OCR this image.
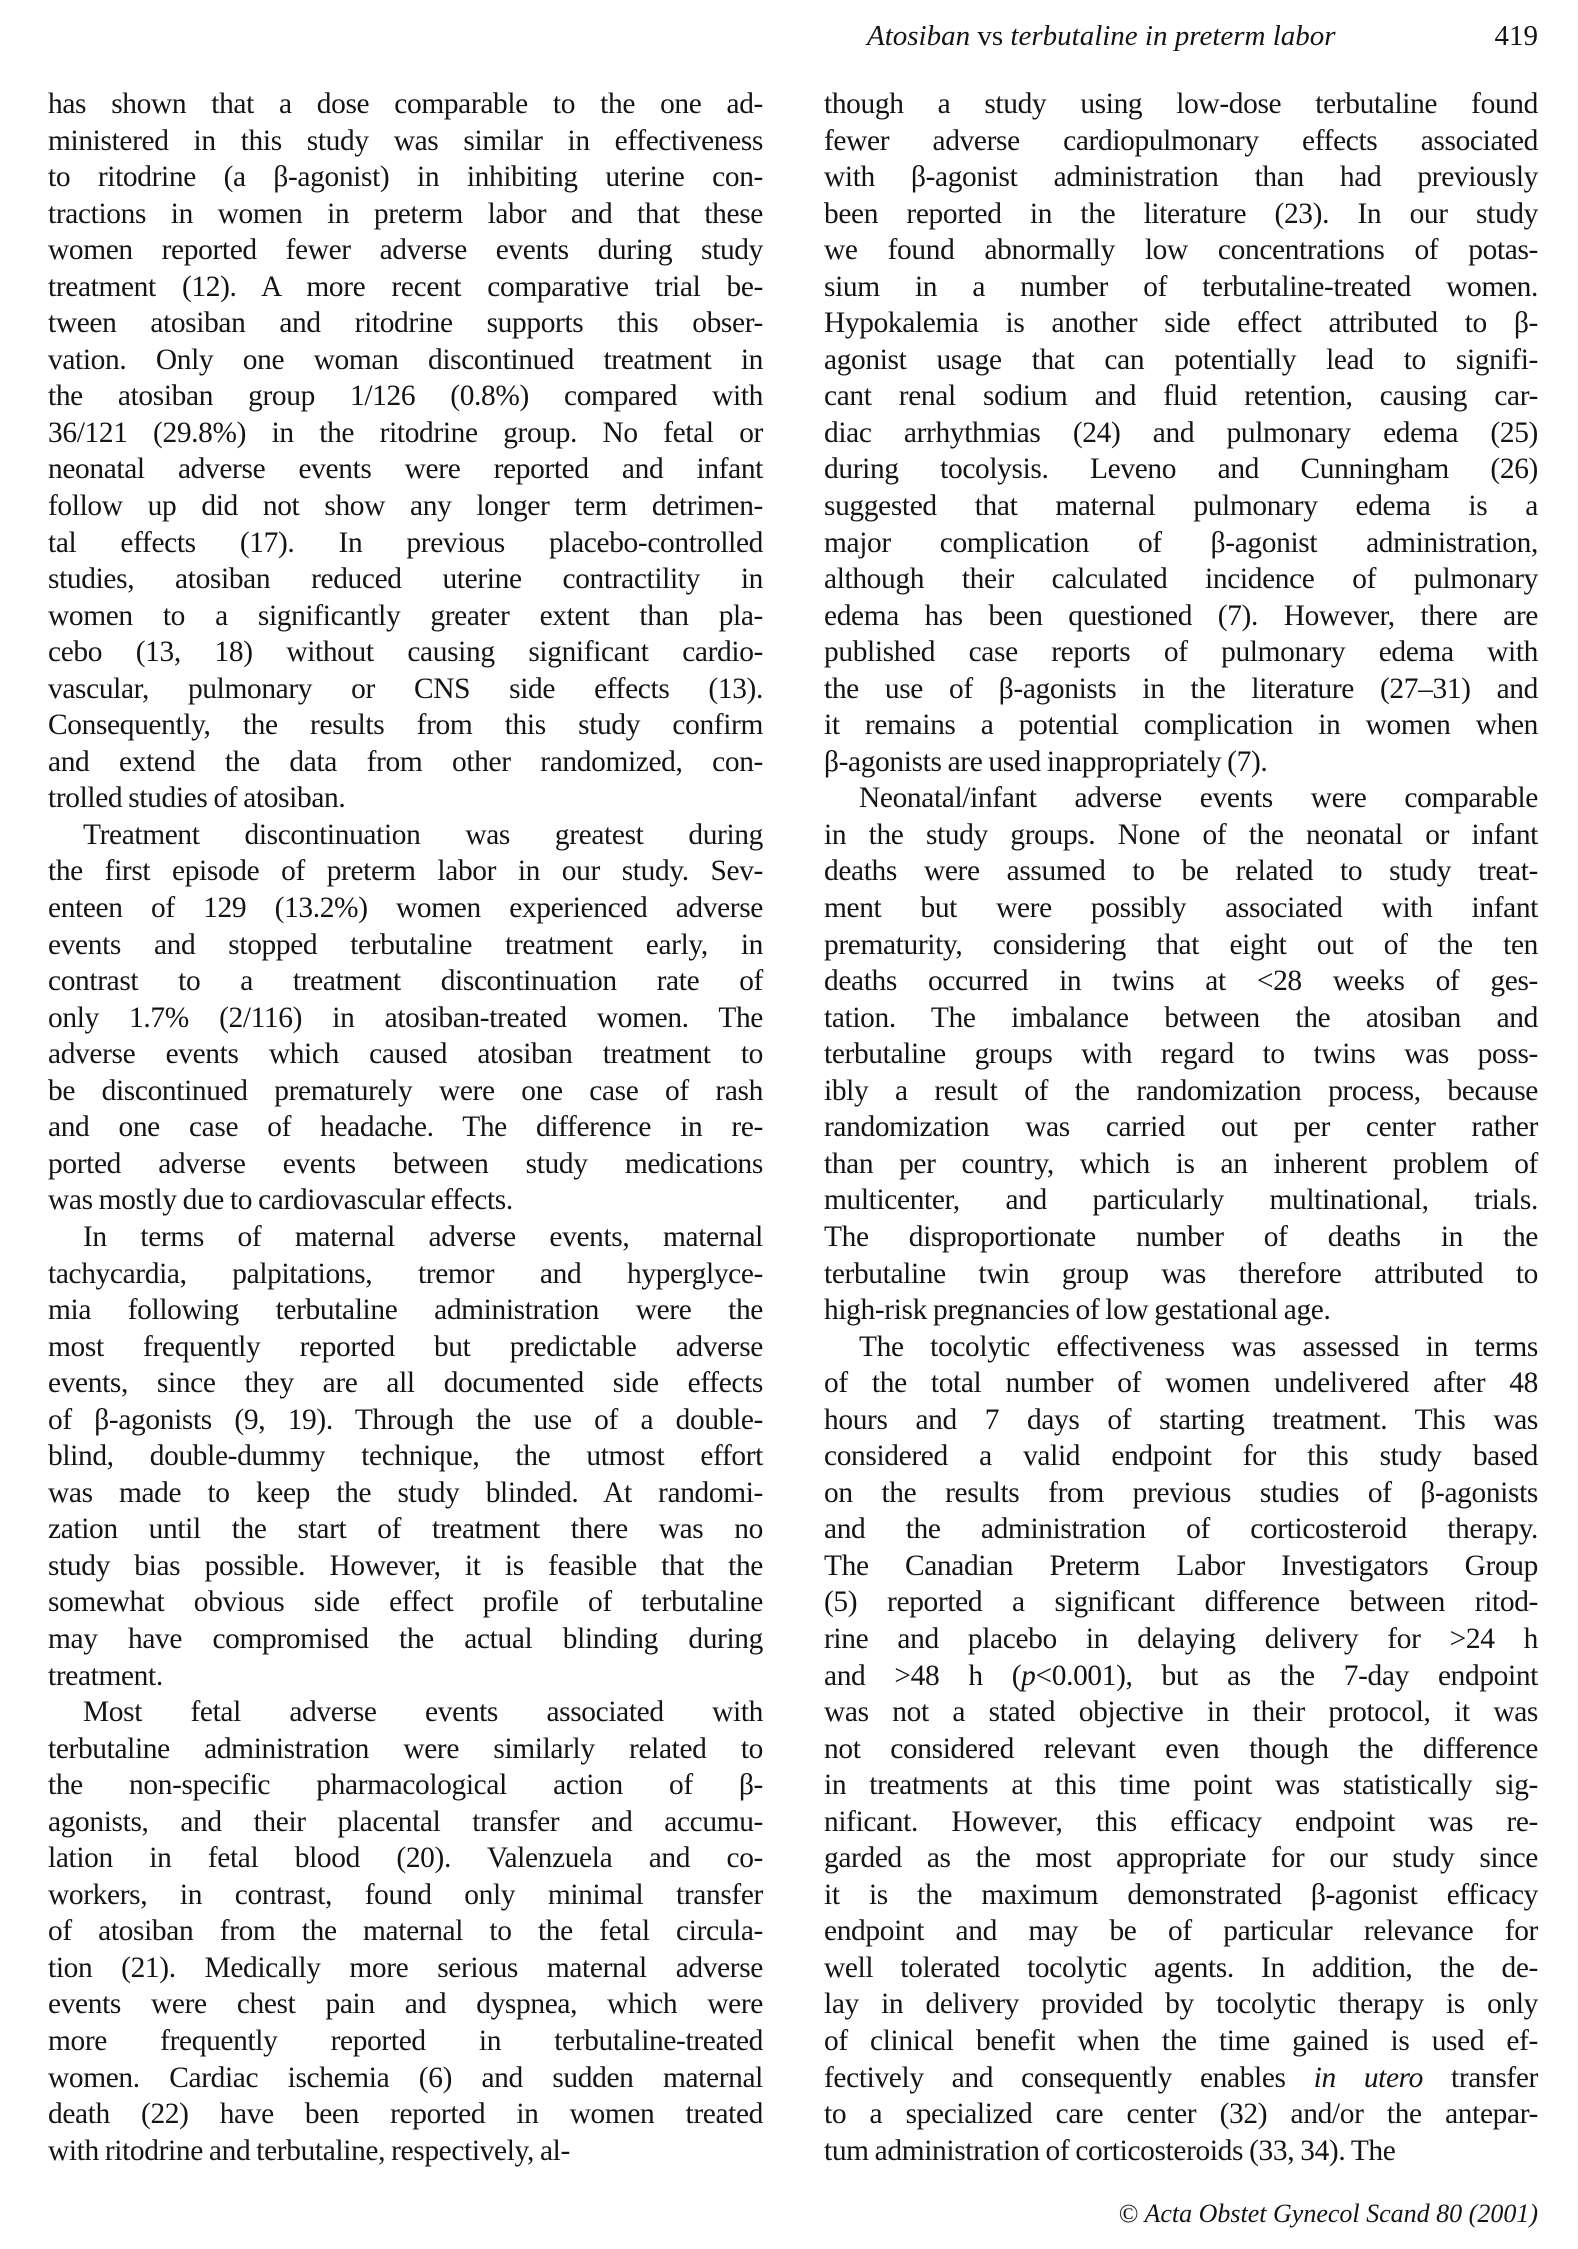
Atosiban vs terbutaline in preterm labor	419
has shown that a dose comparable to the one ad-
ministered in this study was similar in effectiveness
to ritodrine (a β-agonist) in inhibiting uterine con-
tractions in women in preterm labor and that these
women reported fewer adverse events during study
treatment (12). A more recent comparative trial be-
tween atosiban and ritodrine supports this obser-
vation. Only one woman discontinued treatment in
the atosiban group 1/126 (0.8%) compared with
36/121 (29.8%) in the ritodrine group. No fetal or
neonatal adverse events were reported and infant
follow up did not show any longer term detrimen-
tal effects (17). In previous placebo-controlled
studies, atosiban reduced uterine contractility in
women to a significantly greater extent than pla-
cebo (13, 18) without causing significant cardio-
vascular, pulmonary or CNS side effects (13).
Consequently, the results from this study confirm
and extend the data from other randomized, con-
trolled studies of atosiban.
Treatment discontinuation was greatest during
the first episode of preterm labor in our study. Sev-
enteen of 129 (13.2%) women experienced adverse
events and stopped terbutaline treatment early, in
contrast to a treatment discontinuation rate of
only 1.7% (2/116) in atosiban-treated women. The
adverse events which caused atosiban treatment to
be discontinued prematurely were one case of rash
and one case of headache. The difference in re-
ported adverse events between study medications
was mostly due to cardiovascular effects.
In terms of maternal adverse events, maternal
tachycardia, palpitations, tremor and hyperglyce-
mia following terbutaline administration were the
most frequently reported but predictable adverse
events, since they are all documented side effects
of β-agonists (9, 19). Through the use of a double-
blind, double-dummy technique, the utmost effort
was made to keep the study blinded. At randomi-
zation until the start of treatment there was no
study bias possible. However, it is feasible that the
somewhat obvious side effect profile of terbutaline
may have compromised the actual blinding during
treatment.
Most fetal adverse events associated with
terbutaline administration were similarly related to
the non-specific pharmacological action of β-
agonists, and their placental transfer and accumu-
lation in fetal blood (20). Valenzuela and co-
workers, in contrast, found only minimal transfer
of atosiban from the maternal to the fetal circula-
tion (21). Medically more serious maternal adverse
events were chest pain and dyspnea, which were
more frequently reported in terbutaline-treated
women. Cardiac ischemia (6) and sudden maternal
death (22) have been reported in women treated
with ritodrine and terbutaline, respectively, al-
though a study using low-dose terbutaline found
fewer adverse cardiopulmonary effects associated
with β-agonist administration than had previously
been reported in the literature (23). In our study
we found abnormally low concentrations of potas-
sium in a number of terbutaline-treated women.
Hypokalemia is another side effect attributed to β-
agonist usage that can potentially lead to signifi-
cant renal sodium and fluid retention, causing car-
diac arrhythmias (24) and pulmonary edema (25)
during tocolysis. Leveno and Cunningham (26)
suggested that maternal pulmonary edema is a
major complication of β-agonist administration,
although their calculated incidence of pulmonary
edema has been questioned (7). However, there are
published case reports of pulmonary edema with
the use of β-agonists in the literature (27–31) and
it remains a potential complication in women when
β-agonists are used inappropriately (7).
Neonatal/infant adverse events were comparable
in the study groups. None of the neonatal or infant
deaths were assumed to be related to study treat-
ment but were possibly associated with infant
prematurity, considering that eight out of the ten
deaths occurred in twins at <28 weeks of ges-
tation. The imbalance between the atosiban and
terbutaline groups with regard to twins was poss-
ibly a result of the randomization process, because
randomization was carried out per center rather
than per country, which is an inherent problem of
multicenter, and particularly multinational, trials.
The disproportionate number of deaths in the
terbutaline twin group was therefore attributed to
high-risk pregnancies of low gestational age.
The tocolytic effectiveness was assessed in terms
of the total number of women undelivered after 48
hours and 7 days of starting treatment. This was
considered a valid endpoint for this study based
on the results from previous studies of β-agonists
and the administration of corticosteroid therapy.
The Canadian Preterm Labor Investigators Group
(5) reported a significant difference between ritod-
rine and placebo in delaying delivery for >24 h
and >48 h (p<0.001), but as the 7-day endpoint
was not a stated objective in their protocol, it was
not considered relevant even though the difference
in treatments at this time point was statistically sig-
nificant. However, this efficacy endpoint was re-
garded as the most appropriate for our study since
it is the maximum demonstrated β-agonist efficacy
endpoint and may be of particular relevance for
well tolerated tocolytic agents. In addition, the de-
lay in delivery provided by tocolytic therapy is only
of clinical benefit when the time gained is used ef-
fectively and consequently enables in utero transfer
to a specialized care center (32) and/or the antepar-
tum administration of corticosteroids (33, 34). The
© Acta Obstet Gynecol Scand 80 (2001)
